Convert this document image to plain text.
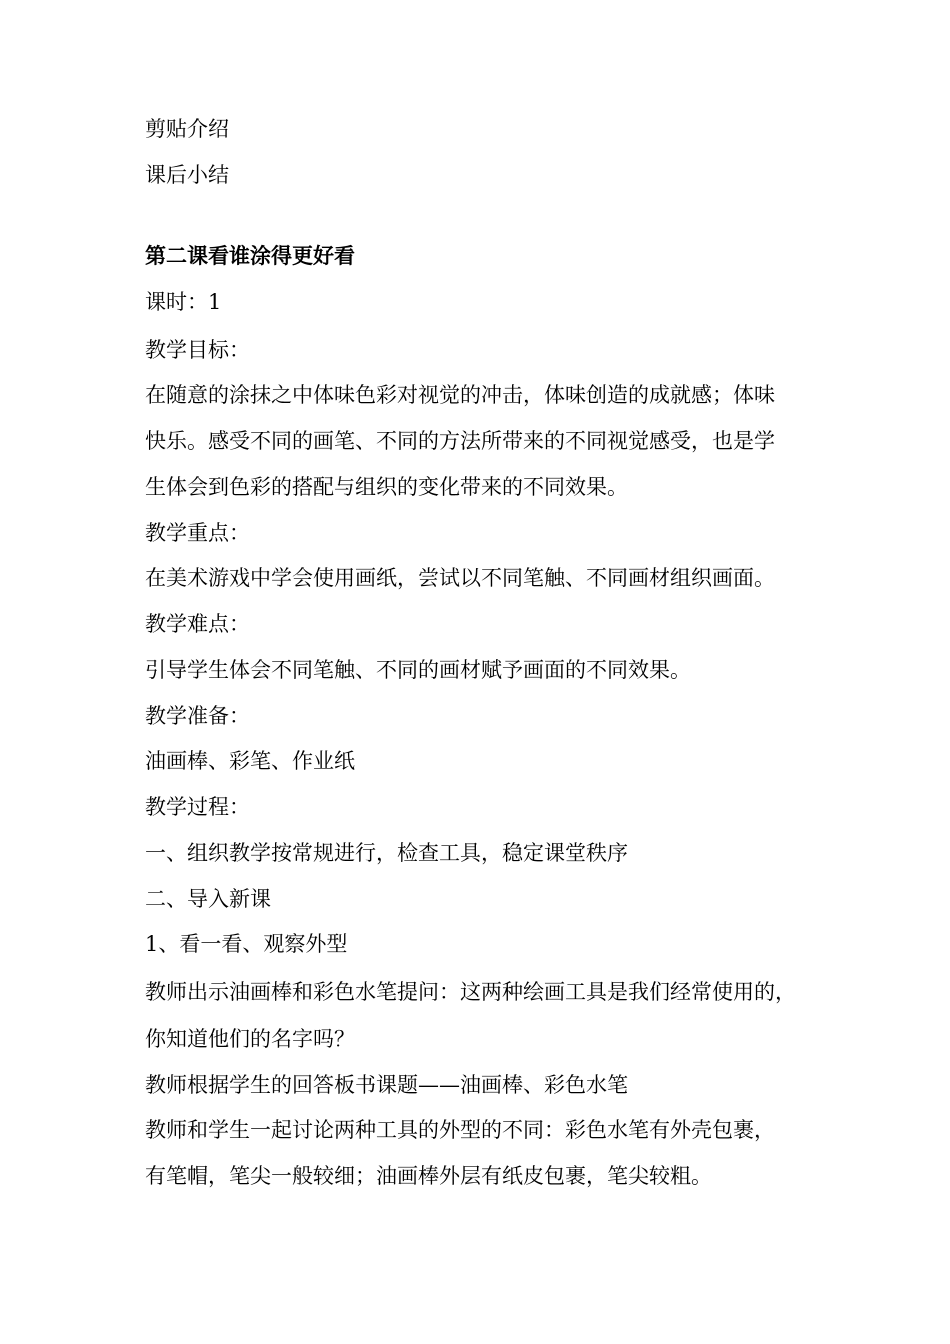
剪贴介绍
课后小结
第二课看谁涂得更好看
课时：1
教学目标：
在随意的涂抹之中体味色彩对视觉的冲击，体味创造的成就感；体味
快乐。感受不同的画笔、不同的方法所带来的不同视觉感受，也是学
生体会到色彩的搭配与组织的变化带来的不同效果。
教学重点：
在美术游戏中学会使用画纸，尝试以不同笔触、不同画材组织画面。
教学难点：
引导学生体会不同笔触、不同的画材赋予画面的不同效果。
教学准备：
油画棒、彩笔、作业纸
教学过程：
一、组织教学按常规进行，检查工具，稳定课堂秩序
二、导入新课
1、看一看、观察外型
教师出示油画棒和彩色水笔提问：这两种绘画工具是我们经常使用的，
你知道他们的名字吗？
教师根据学生的回答板书课题——油画棒、彩色水笔
教师和学生一起讨论两种工具的外型的不同：彩色水笔有外壳包裹，
有笔帽，笔尖一般较细；油画棒外层有纸皮包裹，笔尖较粗。
